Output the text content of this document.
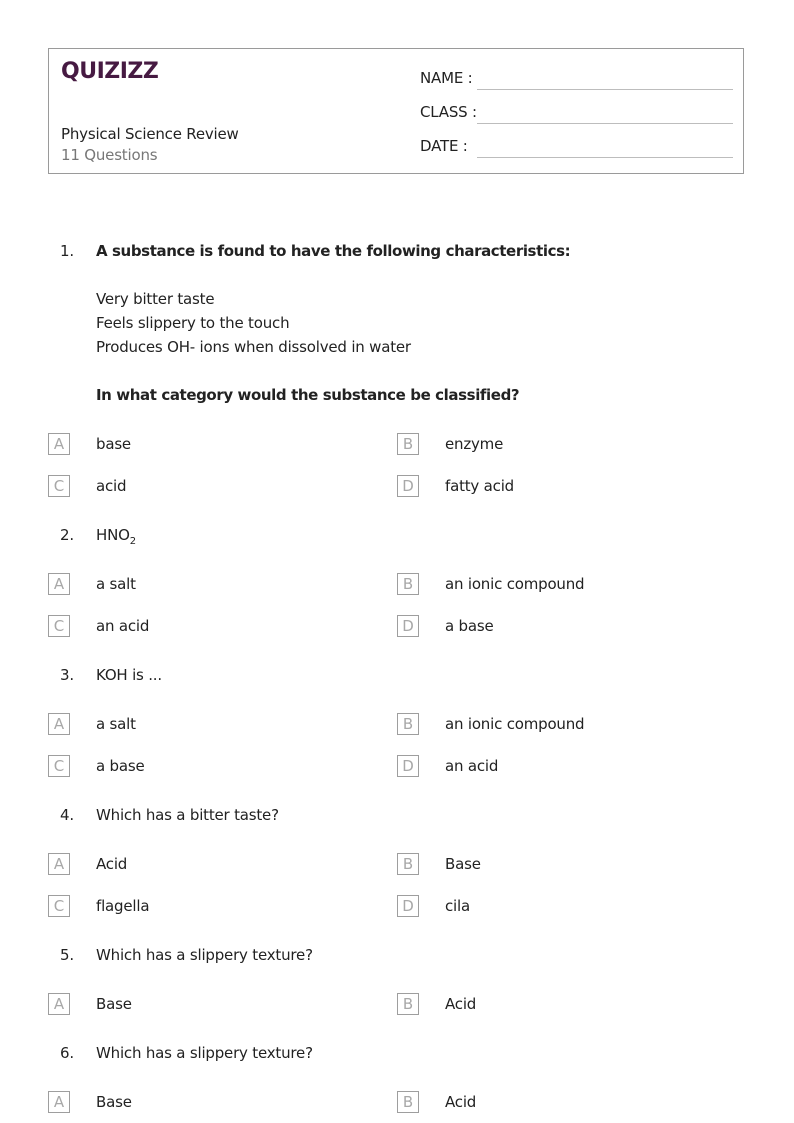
QUIZIZZ
Physical Science Review
11 Questions
NAME :
CLASS :
DATE :
1. A substance is found to have the following characteristics:
Very bitter taste
Feels slippery to the touch
Produces OH- ions when dissolved in water
In what category would the substance be classified?
A	base	B	enzyme
C	acid	D	fatty acid
2. $HNO_2$
A	a salt	B	an ionic compound
C	an acid	D	a base
3. KOH is ...
A	a salt	B	an ionic compound
C	a base	D	an acid
4. Which has a bitter taste?
A	Acid	B	Base
C	flagella	D	cila
5. Which has a slippery texture?
A	Base	B	Acid
6. Which has a slippery texture?
A	Base	B	Acid
